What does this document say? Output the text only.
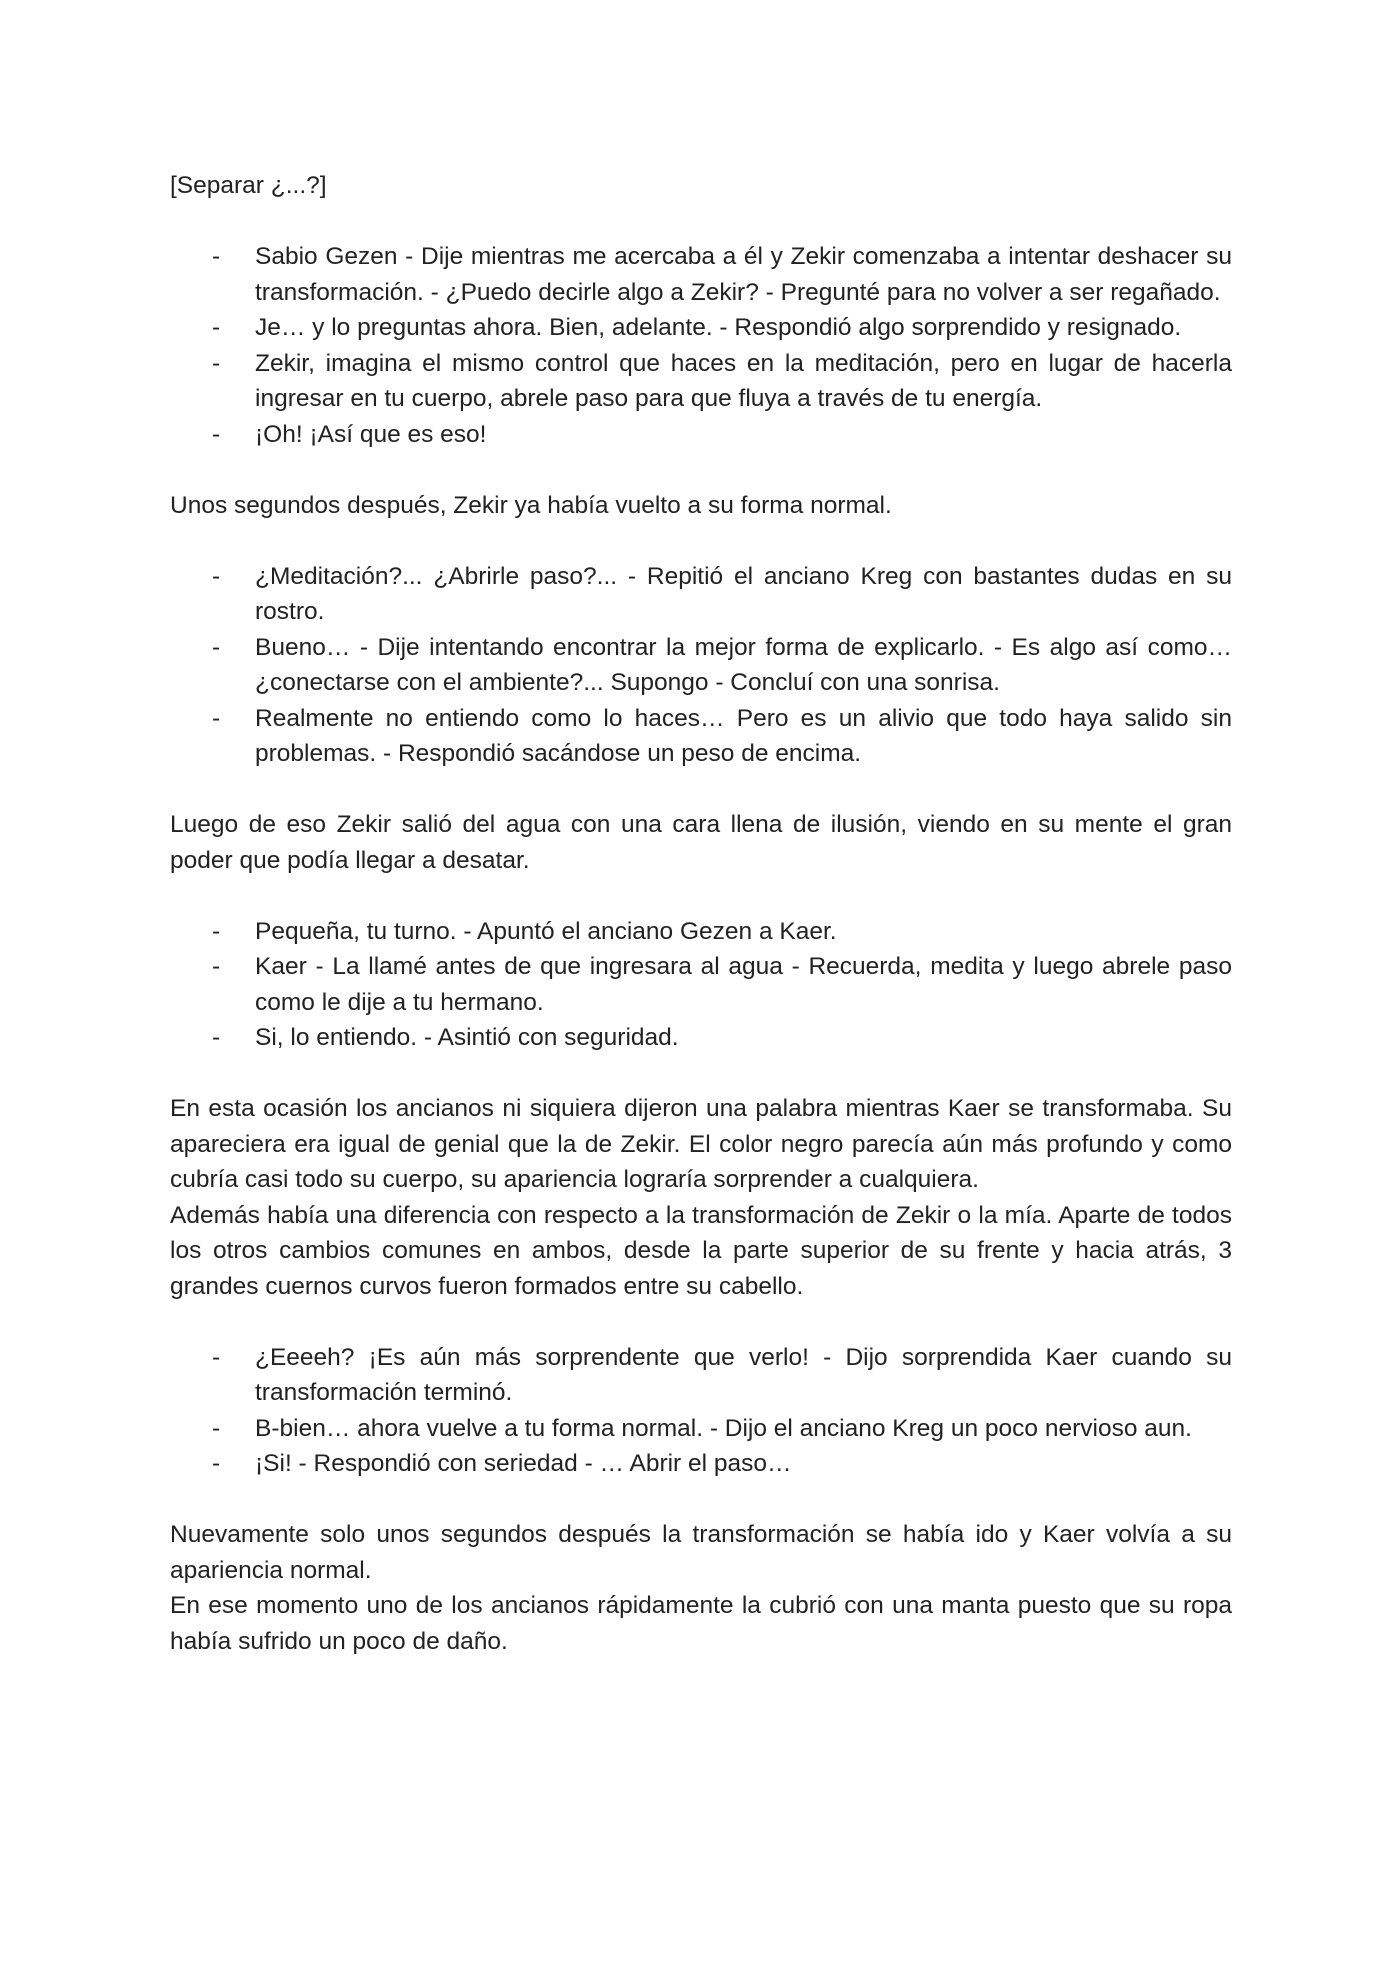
[Separar ¿...?]

- Sabio Gezen - Dije mientras me acercaba a él y Zekir comenzaba a intentar deshacer su transformación. - ¿Puedo decirle algo a Zekir? - Pregunté para no volver a ser regañado.
- Je… y lo preguntas ahora. Bien, adelante. - Respondió algo sorprendido y resignado.
- Zekir, imagina el mismo control que haces en la meditación, pero en lugar de hacerla ingresar en tu cuerpo, abrele paso para que fluya a través de tu energía.
- ¡Oh! ¡Así que es eso!

Unos segundos después, Zekir ya había vuelto a su forma normal.

- ¿Meditación?... ¿Abrirle paso?... - Repitió el anciano Kreg con bastantes dudas en su rostro.
- Bueno… - Dije intentando encontrar la mejor forma de explicarlo. - Es algo así como… ¿conectarse con el ambiente?... Supongo - Concluí con una sonrisa.
- Realmente no entiendo como lo haces… Pero es un alivio que todo haya salido sin problemas. - Respondió sacándose un peso de encima.

Luego de eso Zekir salió del agua con una cara llena de ilusión, viendo en su mente el gran poder que podía llegar a desatar.

- Pequeña, tu turno. - Apuntó el anciano Gezen a Kaer.
- Kaer - La llamé antes de que ingresara al agua - Recuerda, medita y luego abrele paso como le dije a tu hermano.
- Si, lo entiendo. - Asintió con seguridad.

En esta ocasión los ancianos ni siquiera dijeron una palabra mientras Kaer se transformaba. Su apareciera era igual de genial que la de Zekir. El color negro parecía aún más profundo y como cubría casi todo su cuerpo, su apariencia lograría sorprender a cualquiera.

Además había una diferencia con respecto a la transformación de Zekir o la mía. Aparte de todos los otros cambios comunes en ambos, desde la parte superior de su frente y hacia atrás, 3 grandes cuernos curvos fueron formados entre su cabello.

- ¿Eeeeh? ¡Es aún más sorprendente que verlo! - Dijo sorprendida Kaer cuando su transformación terminó.
- B-bien… ahora vuelve a tu forma normal. - Dijo el anciano Kreg un poco nervioso aun.
- ¡Si! - Respondió con seriedad - … Abrir el paso…

Nuevamente solo unos segundos después la transformación se había ido y Kaer volvía a su apariencia normal.

En ese momento uno de los ancianos rápidamente la cubrió con una manta puesto que su ropa había sufrido un poco de daño.
